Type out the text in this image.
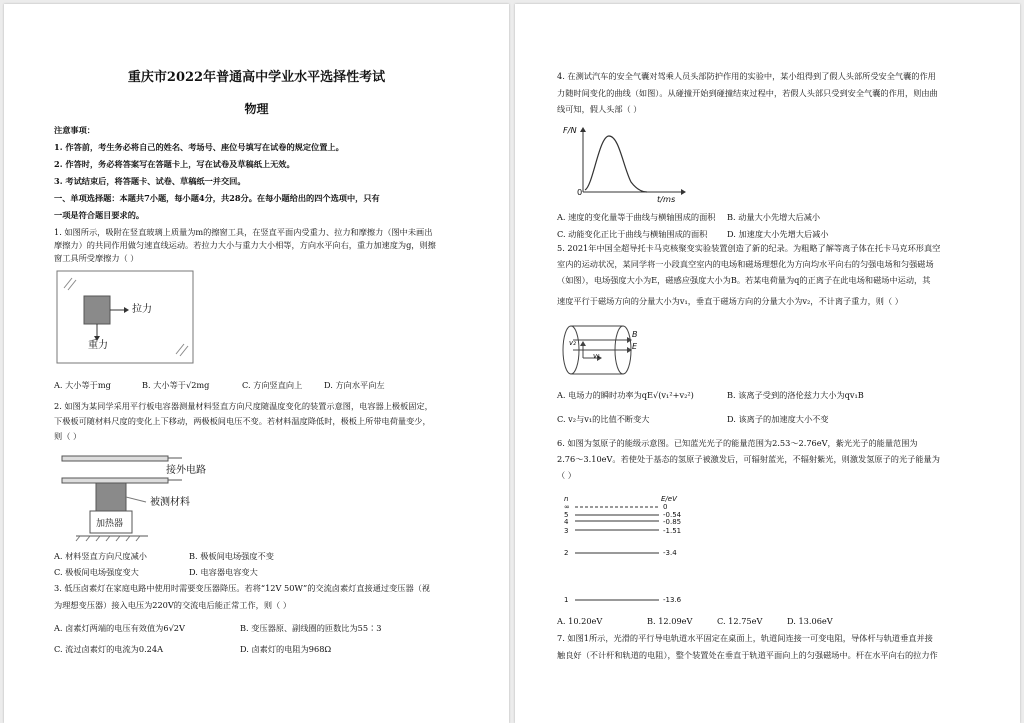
重庆市2022年普通高中学业水平选择性考试
物理
注意事项：
1. 作答前，考生务必将自己的姓名、考场号、座位号填写在试卷的规定位置上。
2. 作答时，务必将答案写在答题卡上，写在试卷及草稿纸上无效。
3. 考试结束后，将答题卡、试卷、草稿纸一并交回。
一、单项选择题：本题共7小题，每小题4分，共28分。在每小题给出的四个选项中，只有
一项是符合题目要求的。
1. 如图所示，吸附在竖直玻璃上质量为m的擦窗工具，在竖直平面内受重力、拉力和摩擦力（图中未画出
摩擦力）的共同作用做匀速直线运动。若拉力大小与重力大小相等，方向水平向右，重力加速度为g，则擦
窗工具所受摩擦力（ ）
拉力
重力
A. 大小等于mg	B. 大小等于√2mg	C. 方向竖直向上	D. 方向水平向左
2. 如图为某同学采用平行板电容器测量材料竖直方向尺度随温度变化的装置示意图，电容器上极板固定，
下极板可随材料尺度的变化上下移动，两极板间电压不变。若材料温度降低时，极板上所带电荷量变少，
则（ ）
接外电路
被测材料
加热器
A. 材料竖直方向尺度减小	B. 极板间电场强度不变
C. 极板间电场强度变大	D. 电容器电容变大
3. 低压卤素灯在家庭电路中使用时需要变压器降压。若将“12V 50W”的交流卤素灯直接通过变压器（视
为理想变压器）接入电压为220V的交流电后能正常工作，则（ ）
A. 卤素灯两端的电压有效值为6√2V	B. 变压器原、副线圈的匝数比为55∶3
C. 流过卤素灯的电流为0.24A	D. 卤素灯的电阻为968Ω
4. 在测试汽车的安全气囊对驾乘人员头部防护作用的实验中，某小组得到了假人头部所受安全气囊的作用
力随时间变化的曲线（如图）。从碰撞开始到碰撞结束过程中，若假人头部只受到安全气囊的作用，则由曲
线可知，假人头部（ ）
F/N
0
t/ms
A. 速度的变化量等于曲线与横轴围成的面积 B. 动量大小先增大后减小
C. 动能变化正比于曲线与横轴围成的面积 D. 加速度大小先增大后减小
5. 2021年中国全超导托卡马克核聚变实验装置创造了新的纪录。为粗略了解等离子体在托卡马克环形真空
室内的运动状况，某同学将一小段真空室内的电场和磁场理想化为方向均水平向右的匀强电场和匀强磁场
（如图），电场强度大小为E，磁感应强度大小为B。若某电荷量为q的正离子在此电场和磁场中运动，其
速度平行于磁场方向的分量大小为v₁，垂直于磁场方向的分量大小为v₂，不计离子重力，则（ ）
B
E
v₂
v₁
A. 电场力的瞬时功率为qE√(v₁²+v₂²)	B. 该离子受到的洛伦兹力大小为qv₁B
C. v₂与v₁的比值不断变大	D. 该离子的加速度大小不变
6. 如图为氢原子的能级示意图。已知蓝光光子的能量范围为2.53～2.76eV，紫光光子的能量范围为
2.76～3.10eV。若使处于基态的氢原子被激发后，可辐射蓝光，不辐射紫光，则激发氢原子的光子能量为
（ ）
n	E/eV
∞
5
4
3
2
1
0
-0.54
-0.85
-1.51
-3.4
-13.6
A. 10.20eV	B. 12.09eV	C. 12.75eV	D. 13.06eV
7. 如图1所示，光滑的平行导电轨道水平固定在桌面上，轨道间连接一可变电阻，导体杆与轨道垂直并接
触良好（不计杆和轨道的电阻），整个装置处在垂直于轨道平面向上的匀强磁场中。杆在水平向右的拉力作
